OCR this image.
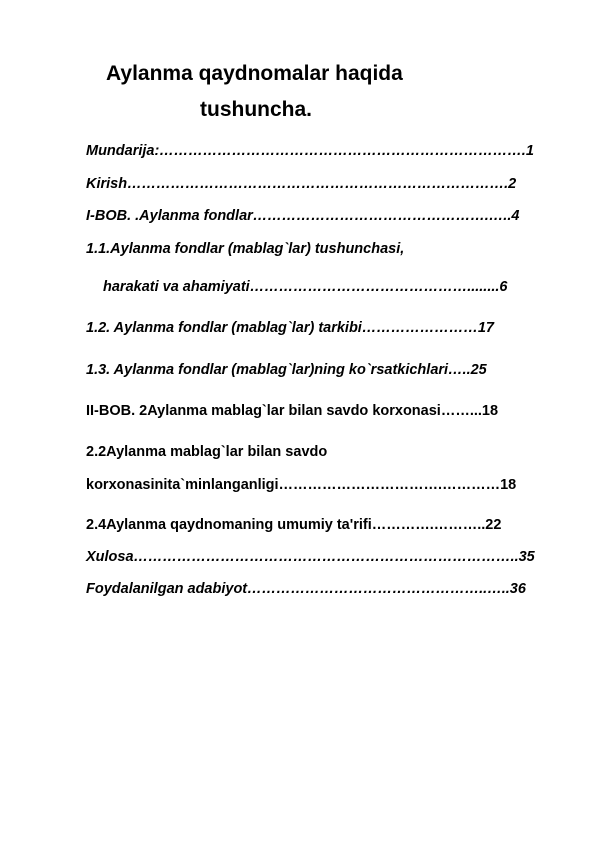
Aylanma qaydnomalar haqida
tushuncha.
Mundarija:………………………………………………………………….1
Kirish…………………………………………………………………….2
I-BOB. .Aylanma fondlar………………………………………….…..4
1.1.Aylanma fondlar (mablag`lar) tushunchasi,
harakati va ahamiyati………………………………………........6
1.2. Aylanma fondlar (mablag`lar) tarkibi……………………17
1.3. Aylanma fondlar (mablag`lar)ning ko`rsatkichlari…..25
II-BOB. 2Aylanma mablag`lar bilan savdo korxonasi……...18
2.2Aylanma mablag`lar bilan savdo
korxonasinita`minlanganligi…………………………….…………18
2.4Aylanma qaydnomaning umumiy ta'rifi………….………..22
Xulosa……………………………………………………………………..35
Foydalanilgan adabiyot…………………………………………..…..36
